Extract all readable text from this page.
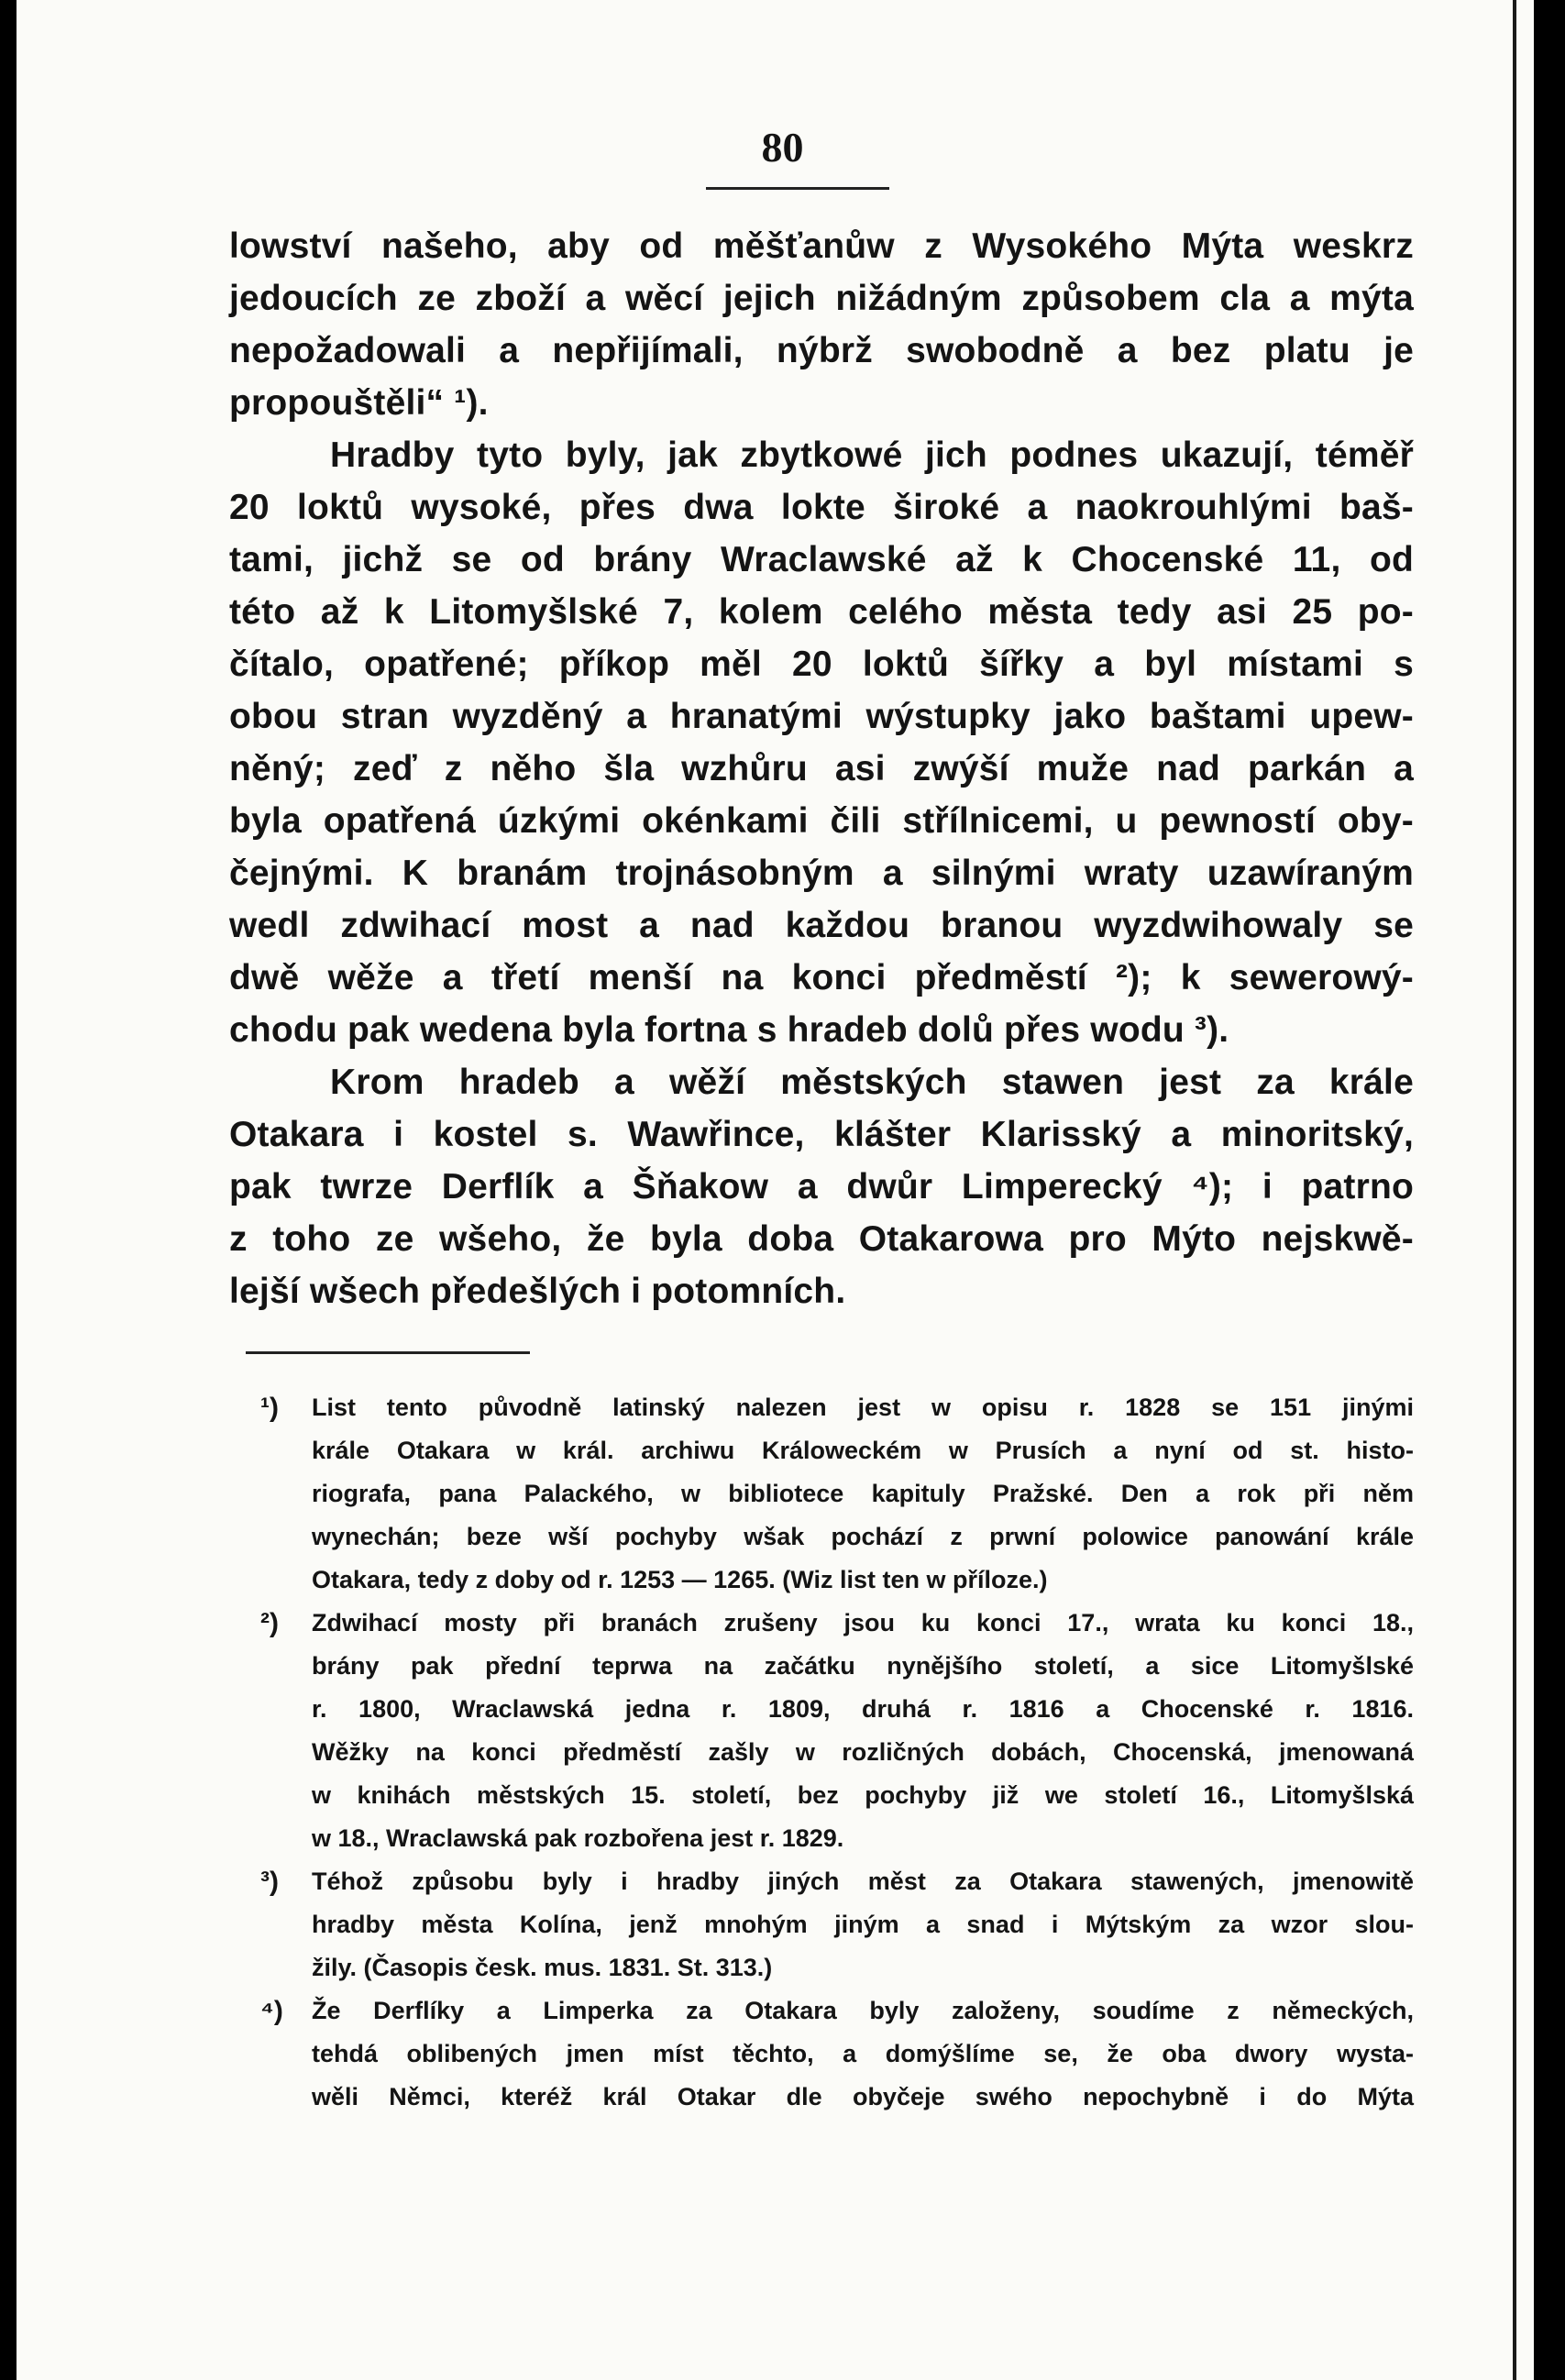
80
lowství našeho, aby od měšťanůw z Wysokého Mýta weskrz
jedoucích ze zboží a wěcí jejich nižádným způsobem cla a mýta
nepožadowali a nepřijímali, nýbrž swobodně a bez platu je
propouštěli“ ¹).
Hradby tyto byly, jak zbytkowé jich podnes ukazují, téměř
20 loktů wysoké, přes dwa lokte široké a naokrouhlými baš-
tami, jichž se od brány Wraclawské až k Chocenské 11, od
této až k Litomyšlské 7, kolem celého města tedy asi 25 po-
čítalo, opatřené; příkop měl 20 loktů šířky a byl místami s
obou stran wyzděný a hranatými wýstupky jako baštami upew-
něný; zeď z něho šla wzhůru asi zwýší muže nad parkán a
byla opatřená úzkými okénkami čili střílnicemi, u pewností oby-
čejnými. K branám trojnásobným a silnými wraty uzawíraným
wedl zdwihací most a nad každou branou wyzdwihowaly se
dwě wěže a třetí menší na konci předměstí ²); k sewerowý-
chodu pak wedena byla fortna s hradeb dolů přes wodu ³).
Krom hradeb a wěží městských stawen jest za krále
Otakara i kostel s. Wawřince, klášter Klarisský a minoritský,
pak twrze Derflík a Šňakow a dwůr Limperecký ⁴); i patrno
z toho ze wšeho, že byla doba Otakarowa pro Mýto nejskwě-
lejší wšech předešlých i potomních.
¹) List tento původně latinský nalezen jest w opisu r. 1828 se 151 jinými
krále Otakara w král. archiwu Králoweckém w Prusích a nyní od st. histo-
riografa, pana Palackého, w bibliotece kapituly Pražské. Den a rok při něm
wynechán; beze wší pochyby wšak pochází z prwní polowice panowání krále
Otakara, tedy z doby od r. 1253 — 1265. (Wiz list ten w příloze.)
²) Zdwihací mosty při branách zrušeny jsou ku konci 17., wrata ku konci 18.,
brány pak přední teprwa na začátku nynějšího století, a sice Litomyšlské
r. 1800, Wraclawská jedna r. 1809, druhá r. 1816 a Chocenské r. 1816.
Wěžky na konci předměstí zašly w rozličných dobách, Chocenská, jmenowaná
w knihách městských 15. století, bez pochyby již we století 16., Litomyšlská
w 18., Wraclawská pak rozbořena jest r. 1829.
³) Téhož způsobu byly i hradby jiných měst za Otakara stawených, jmenowitě
hradby města Kolína, jenž mnohým jiným a snad i Mýtským za wzor slou-
žily. (Časopis česk. mus. 1831. St. 313.)
⁴) Že Derflíky a Limperka za Otakara byly založeny, soudíme z německých,
tehdá oblibených jmen míst těchto, a domýšlíme se, že oba dwory wysta-
wěli Němci, kteréž král Otakar dle obyčeje swého nepochybně i do Mýta
